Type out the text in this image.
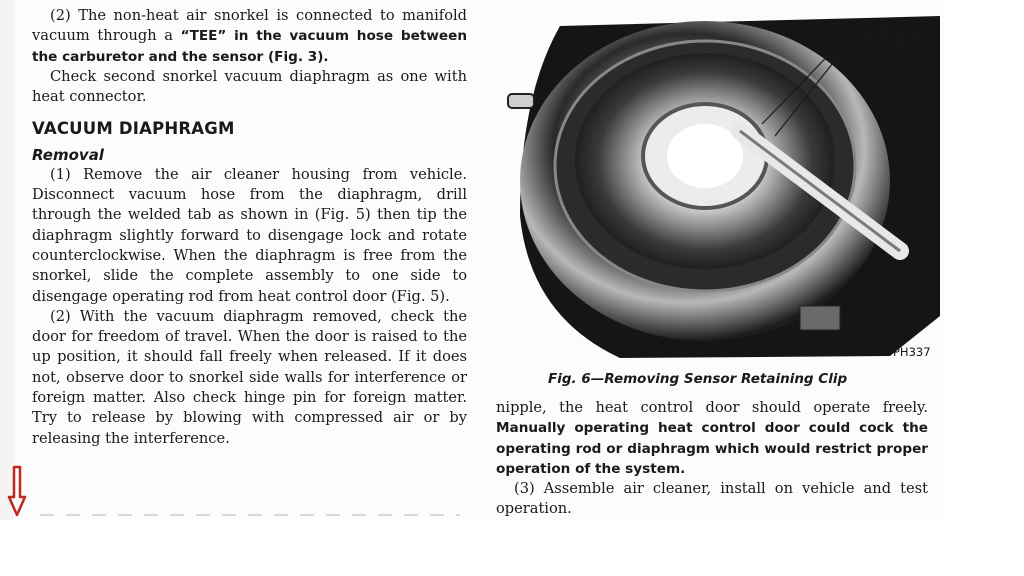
(2) The non-heat air snorkel is connected to manifold vacuum through a “TEE” in the vacuum hose between the carburetor and the sensor (Fig. 3).

Check second snorkel vacuum diaphragm as one with heat connector.

VACUUM DIAPHRAGM

Removal

(1) Remove the air cleaner housing from vehicle. Disconnect vacuum hose from the diaphragm, drill through the welded tab as shown in (Fig. 5) then tip the diaphragm slightly forward to disengage lock and rotate counterclockwise. When the diaphragm is free from the snorkel, slide the complete assembly to one side to disengage operating rod from heat control door (Fig. 5).

(2) With the vacuum diaphragm removed, check the door for freedom of travel. When the door is raised to the up position, it should fall freely when released. If it does not, observe door to snorkel side walls for interference or foreign matter. Also check hinge pin for foreign matter. Try to release by blowing with compressed air or by releasing the interference.

RETAINING
CLIPS
PH337
Fig. 6—Removing Sensor Retaining Clip

nipple, the heat control door should operate freely. Manually operating heat control door could cock the operating rod or diaphragm which would restrict proper operation of the system.

(3) Assemble air cleaner, install on vehicle and test operation.
